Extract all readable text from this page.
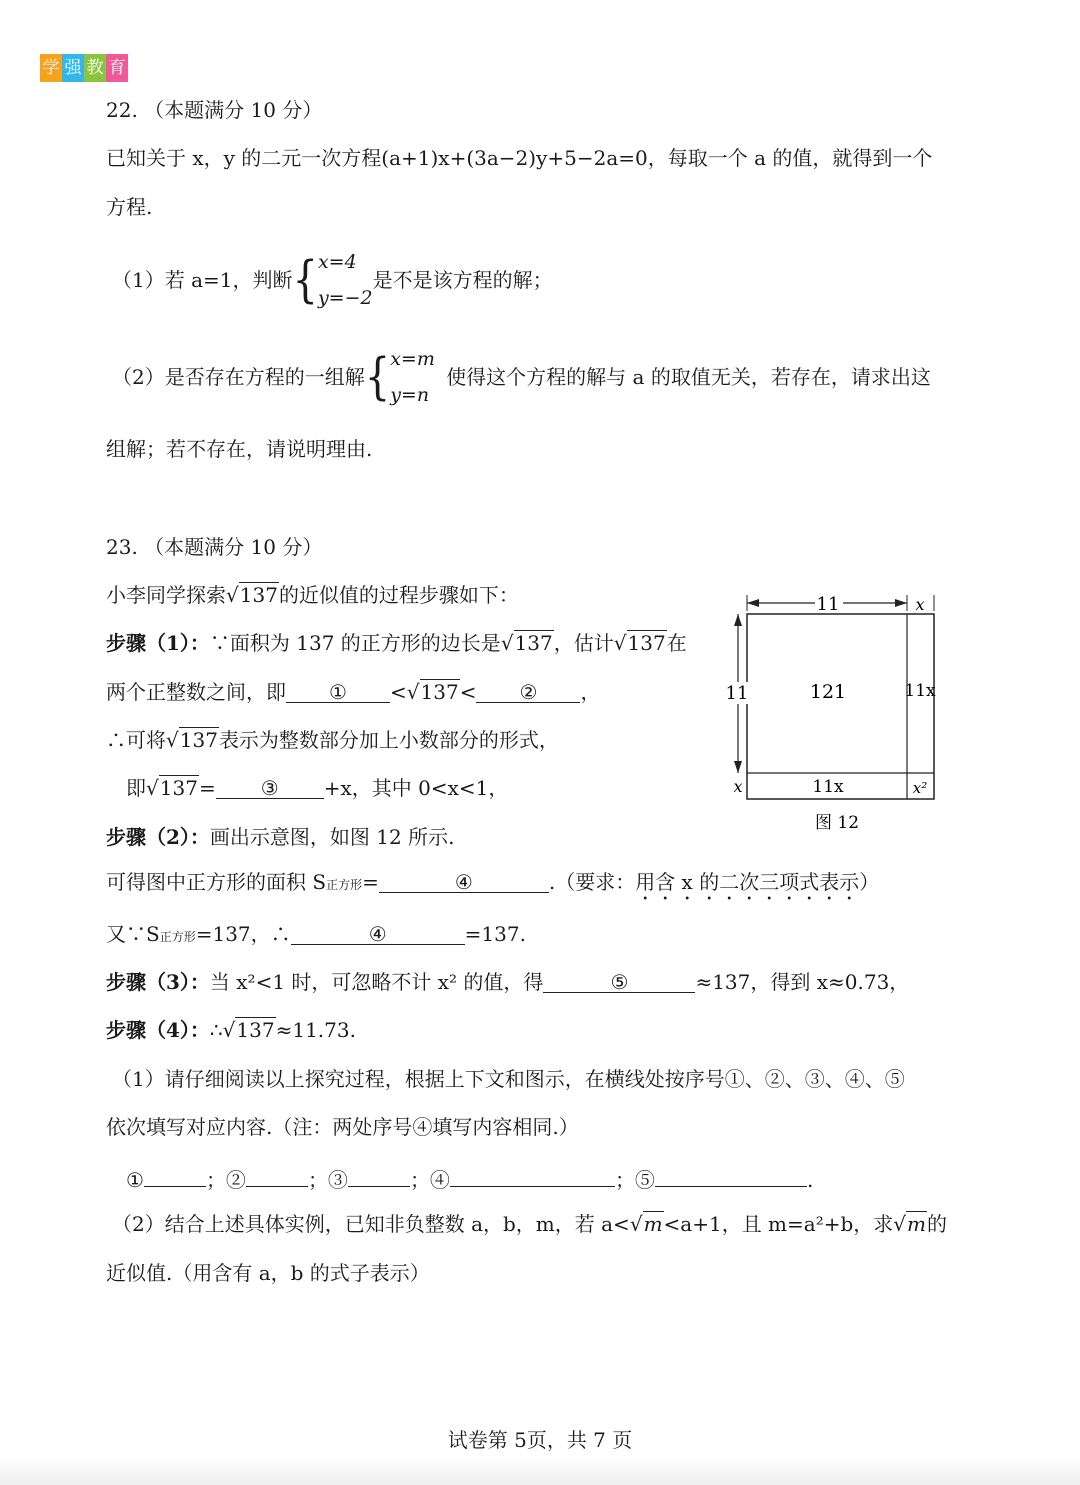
学 强 教 育
22. （本题满分 10 分）
已知关于 x，y 的二元一次方程(a+1)x+(3a−2)y+5−2a=0，每取一个 a 的值，就得到一个
方程.
（1）若 a=1，判断 { x=4
y=−2
是不是该方程的解；
（2）是否存在方程的一组解 { x=m
y=n
使得这个方程的解与 a 的取值无关，若存在，请求出这
组解；若不存在，请说明理由.
23. （本题满分 10 分）
小李同学探索√137的近似值的过程步骤如下：
步骤（1）：∵面积为 137 的正方形的边长是√137，估计√137在
两个正整数之间，即 ① <√137< ② ，
∴可将√137表示为整数部分加上小数部分的形式，
即√137= ③ +x，其中 0<x<1，
步骤（2）：画出示意图，如图 12 所示.
可得图中正方形的面积 S正方形=	④	.（要求：用含 x 的二次三项式表示）
又∵S正方形=137，∴	④	=137.
步骤（3）：当 x²<1 时，可忽略不计 x² 的值，得	⑤	≈137，得到 x≈0.73，
步骤（4）：∴√137≈11.73.
（1）请仔细阅读以上探究过程，根据上下文和图示，在横线处按序号①、②、③、④、⑤
依次填写对应内容.（注：两处序号④填写内容相同.）
①	；②	；③	；④	；⑤	.
（2）结合上述具体实例，已知非负整数 a，b，m，若 a<√m<a+1，且 m=a²+b，求√m的
近似值.（用含有 a，b 的式子表示）
11	x
11
x
121	11x
11x	x²
图 12
试卷第 5页，共 7 页
